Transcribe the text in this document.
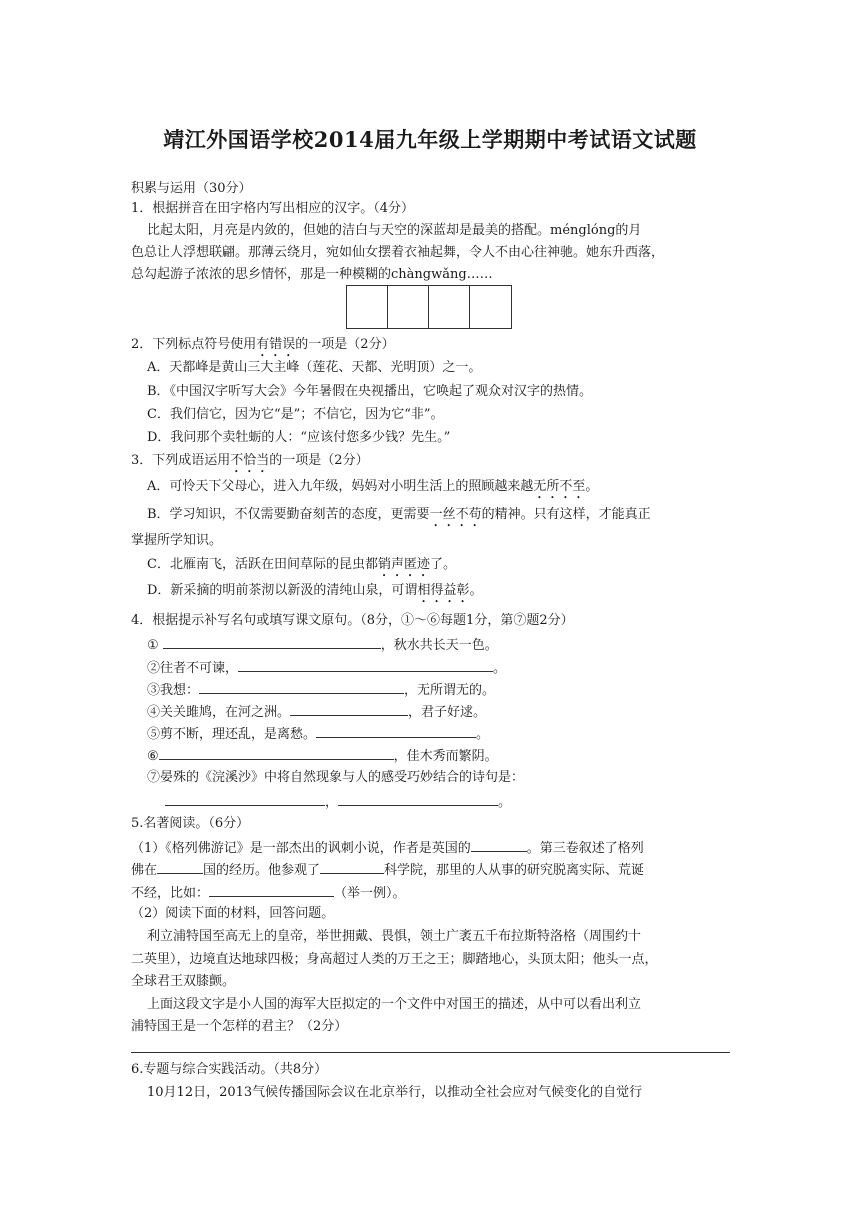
靖江外国语学校2014届九年级上学期期中考试语文试题
积累与运用（30分）
1．根据拼音在田字格内写出相应的汉字。（4分）
比起太阳，月亮是内敛的，但她的洁白与天空的深蓝却是最美的搭配。ménglóng的月
色总让人浮想联翩。那薄云绕月，宛如仙女摆着衣袖起舞，令人不由心往神驰。她东升西落，
总勾起游子浓浓的思乡情怀，那是一种模糊的chàngwǎng……
2．下列标点符号使用有错误的一项是（2分）
A．天都峰是黄山三大主峰（莲花、天都、光明顶）之一。
B．《中国汉字听写大会》今年暑假在央视播出，它唤起了观众对汉字的热情。
C．我们信它，因为它“是”；不信它，因为它“非”。
D．我问那个卖牡蛎的人：“应该付您多少钱？先生。”
3．下列成语运用不恰当的一项是（2分）
A．可怜天下父母心，进入九年级，妈妈对小明生活上的照顾越来越无所不至。
B．学习知识，不仅需要勤奋刻苦的态度，更需要一丝不苟的精神。只有这样，才能真正
掌握所学知识。
C．北雁南飞，活跃在田间草际的昆虫都销声匿迹了。
D．新采摘的明前茶沏以新汲的清纯山泉，可谓相得益彰。
4．根据提示补写名句或填写课文原句。（8分，①～⑥每题1分，第⑦题2分）
①	，秋水共长天一色。
②往者不可谏，	。
③我想：	，无所谓无的。
④关关雎鸠，在河之洲。	，君子好逑。
⑤剪不断，理还乱，是离愁。	。
⑥	，佳木秀而繁阴。
⑦晏殊的《浣溪沙》中将自然现象与人的感受巧妙结合的诗句是：
，	。
5.名著阅读。（6分）
（1）《格列佛游记》是一部杰出的讽刺小说，作者是英国的	。第三卷叙述了格列
佛在	国的经历。他参观了	科学院，那里的人从事的研究脱离实际、荒诞
不经，比如：	（举一例）。
（2）阅读下面的材料，回答问题。
利立浦特国至高无上的皇帝，举世拥戴、畏惧，领土广袤五千布拉斯特洛格（周围约十
二英里），边境直达地球四极；身高超过人类的万王之王；脚踏地心，头顶太阳；他头一点，
全球君王双膝颤。
上面这段文字是小人国的海军大臣拟定的一个文件中对国王的描述，从中可以看出利立
浦特国王是一个怎样的君主？（2分）
6.专题与综合实践活动。（共8分）
10月12日，2013气候传播国际会议在北京举行，以推动全社会应对气候变化的自觉行
